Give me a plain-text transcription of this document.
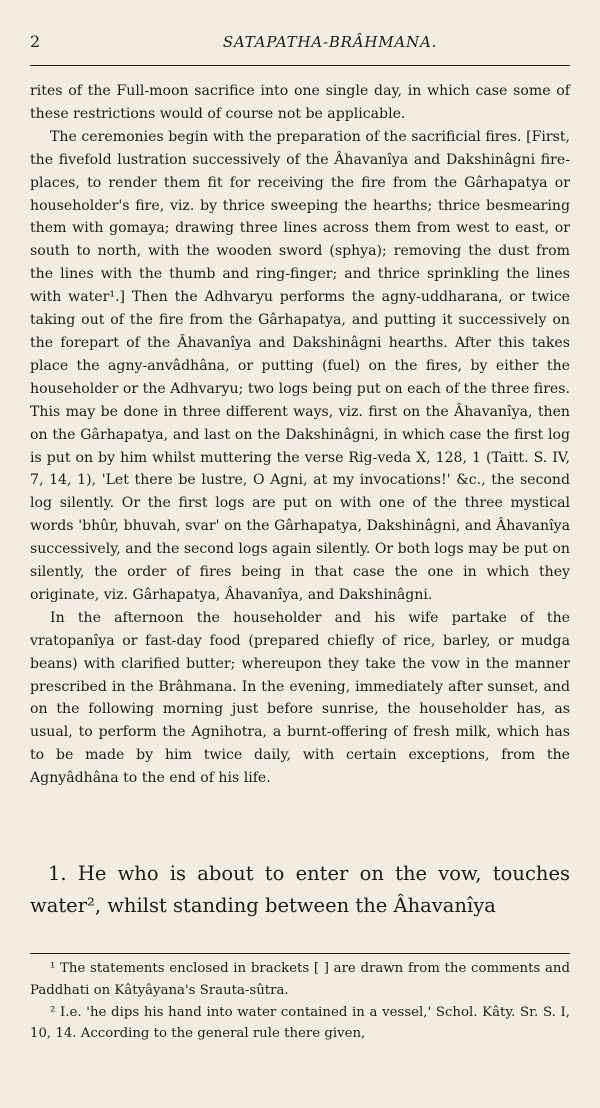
2	SATAPATHA-BRÂHMANA.

rites of the Full-moon sacrifice into one single day, in which case some of these restrictions would of course not be applicable.

The ceremonies begin with the preparation of the sacrificial fires. [First, the fivefold lustration successively of the Âhavanîya and Dakshinâgni fire-places, to render them fit for receiving the fire from the Gârhapatya or householder's fire, viz. by thrice sweeping the hearths; thrice besmearing them with gomaya; drawing three lines across them from west to east, or south to north, with the wooden sword (sphya); removing the dust from the lines with the thumb and ring-finger; and thrice sprinkling the lines with water¹.] Then the Adhvaryu performs the agny-uddharana, or twice taking out of the fire from the Gârhapatya, and putting it successively on the forepart of the Âhavanîya and Dakshinâgni hearths. After this takes place the agny-anvâdhâna, or putting (fuel) on the fires, by either the householder or the Adhvaryu; two logs being put on each of the three fires. This may be done in three different ways, viz. first on the Âhavanîya, then on the Gârhapatya, and last on the Dakshinâgni, in which case the first log is put on by him whilst muttering the verse Rig-veda X, 128, 1 (Taitt. S. IV, 7, 14, 1), 'Let there be lustre, O Agni, at my invocations!' &c., the second log silently. Or the first logs are put on with one of the three mystical words 'bhûr, bhuvah, svar' on the Gârhapatya, Dakshinâgni, and Âhavanîya successively, and the second logs again silently. Or both logs may be put on silently, the order of fires being in that case the one in which they originate, viz. Gârhapatya, Âhavanîya, and Dakshinâgni.

In the afternoon the householder and his wife partake of the vratopanîya or fast-day food (prepared chiefly of rice, barley, or mudga beans) with clarified butter; whereupon they take the vow in the manner prescribed in the Brâhmana. In the evening, immediately after sunset, and on the following morning just before sunrise, the householder has, as usual, to perform the Agnihotra, a burnt-offering of fresh milk, which has to be made by him twice daily, with certain exceptions, from the Agnyâdhâna to the end of his life.

1. He who is about to enter on the vow, touches water², whilst standing between the Âhavanîya

¹ The statements enclosed in brackets [ ] are drawn from the comments and Paddhati on Kâtyâyana's Srauta-sûtra.

² I.e. 'he dips his hand into water contained in a vessel,' Schol. Kâty. Sr. S. I, 10, 14. According to the general rule there given,
